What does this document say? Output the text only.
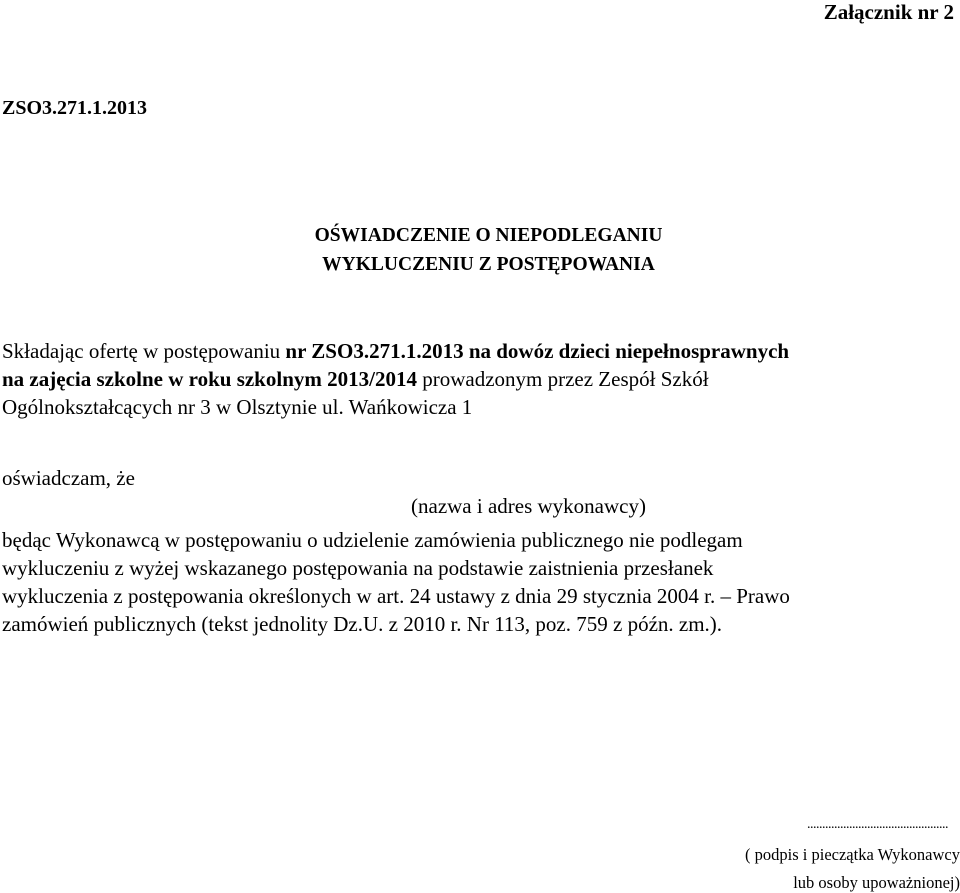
Załącznik nr 2

ZSO3.271.1.2013

OŚWIADCZENIE O NIEPODLEGANIU

WYKLUCZENIU Z POSTĘPOWANIA

Składając ofertę w postępowaniu nr ZSO3.271.1.2013 na dowóz dzieci niepełnosprawnych

na zajęcia szkolne w roku szkolnym 2013/2014 prowadzonym przez Zespół Szkół

Ogólnokształcących nr 3 w Olsztynie ul. Wańkowicza 1

oświadczam, że

(nazwa i adres wykonawcy)

będąc Wykonawcą w postępowaniu o udzielenie zamówienia publicznego nie podlegam

wykluczeniu z wyżej wskazanego postępowania na podstawie zaistnienia przesłanek

wykluczenia z postępowania określonych w art. 24 ustawy z dnia 29 stycznia 2004 r. – Prawo

zamówień publicznych (tekst jednolity Dz.U. z 2010 r. Nr 113, poz. 759 z późn. zm.).

...............................................

( podpis i pieczątka Wykonawcy

lub osoby upoważnionej)
